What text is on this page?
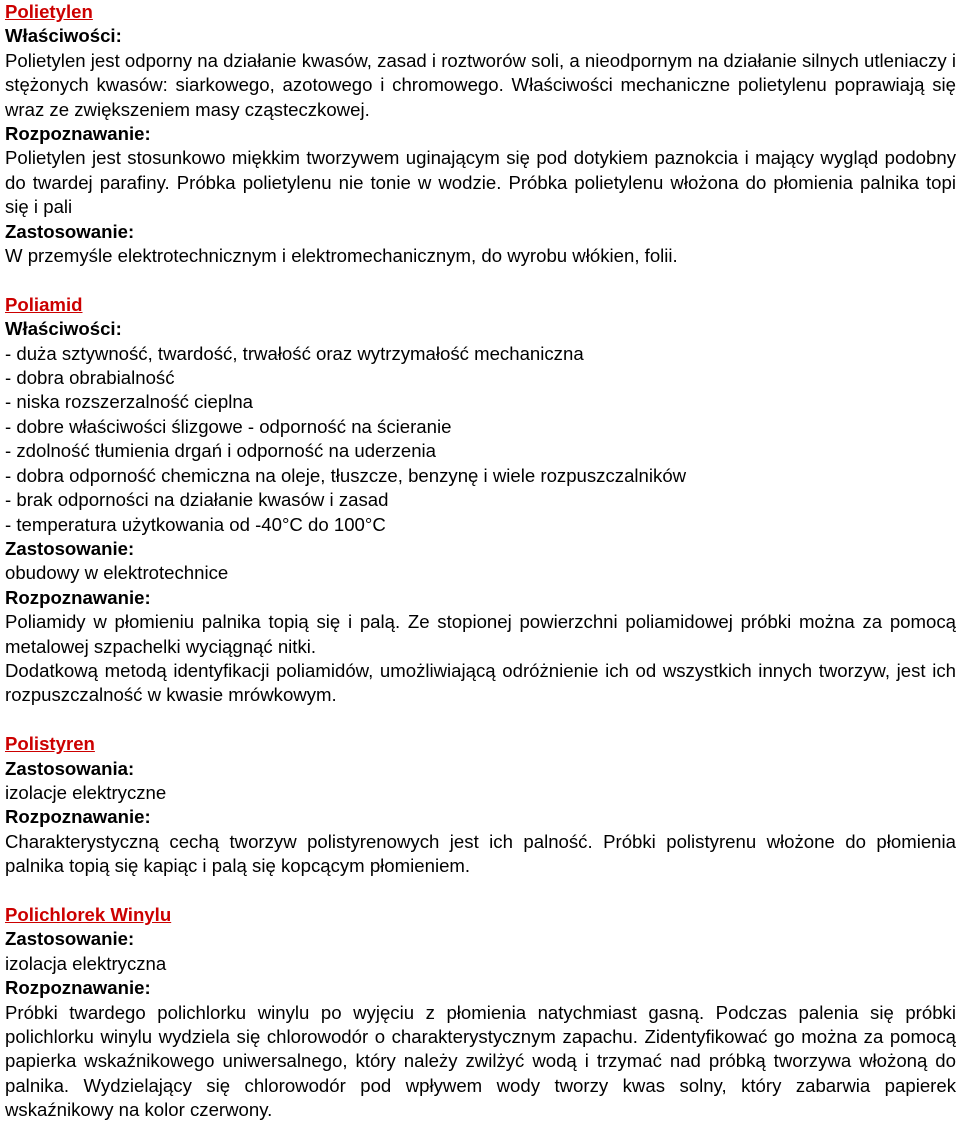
Polietylen
Właściwości:

Polietylen jest odporny na działanie kwasów, zasad i roztworów soli, a nieodpornym na działanie silnych utleniaczy i stężonych kwasów: siarkowego, azotowego i chromowego. Właściwości mechaniczne polietylenu poprawiają się wraz ze zwiększeniem masy cząsteczkowej.

Rozpoznawanie:

Polietylen jest stosunkowo miękkim tworzywem uginającym się pod dotykiem paznokcia i mający wygląd podobny do twardej parafiny. Próbka polietylenu nie tonie w wodzie. Próbka polietylenu włożona do płomienia palnika topi się i pali

Zastosowanie:

W przemyśle elektrotechnicznym i elektromechanicznym, do wyrobu włókien, folii.

Poliamid
Właściwości:
- duża sztywność, twardość, trwałość oraz wytrzymałość mechaniczna
- dobra obrabialność
- niska rozszerzalność cieplna
- dobre właściwości ślizgowe - odporność na ścieranie
- zdolność tłumienia drgań i odporność na uderzenia
- dobra odporność chemiczna na oleje, tłuszcze, benzynę i wiele rozpuszczalników
- brak odporności na działanie kwasów i zasad
- temperatura użytkowania od -40°C do 100°C
Zastosowanie:

obudowy w elektrotechnice

Rozpoznawanie:

Poliamidy w płomieniu palnika topią się i palą. Ze stopionej powierzchni poliamidowej próbki można za pomocą metalowej szpachelki wyciągnąć nitki.

Dodatkową metodą identyfikacji poliamidów, umożliwiającą odróżnienie ich od wszystkich innych tworzyw, jest ich rozpuszczalność w kwasie mrówkowym.

Polistyren
Zastosowania:

izolacje elektryczne

Rozpoznawanie:

Charakterystyczną cechą tworzyw polistyrenowych jest ich palność. Próbki polistyrenu włożone do płomienia palnika topią się kapiąc i palą się kopcącym płomieniem.

Polichlorek Winylu
Zastosowanie:

izolacja elektryczna

Rozpoznawanie:

Próbki twardego polichlorku winylu po wyjęciu z płomienia natychmiast gasną. Podczas palenia się próbki polichlorku winylu wydziela się chlorowodór o charakterystycznym zapachu. Zidentyfikować go można za pomocą papierka wskaźnikowego uniwersalnego, który należy zwilżyć wodą i trzymać nad próbką tworzywa włożoną do palnika. Wydzielający się chlorowodór pod wpływem wody tworzy kwas solny, który zabarwia papierek wskaźnikowy na kolor czerwony.
